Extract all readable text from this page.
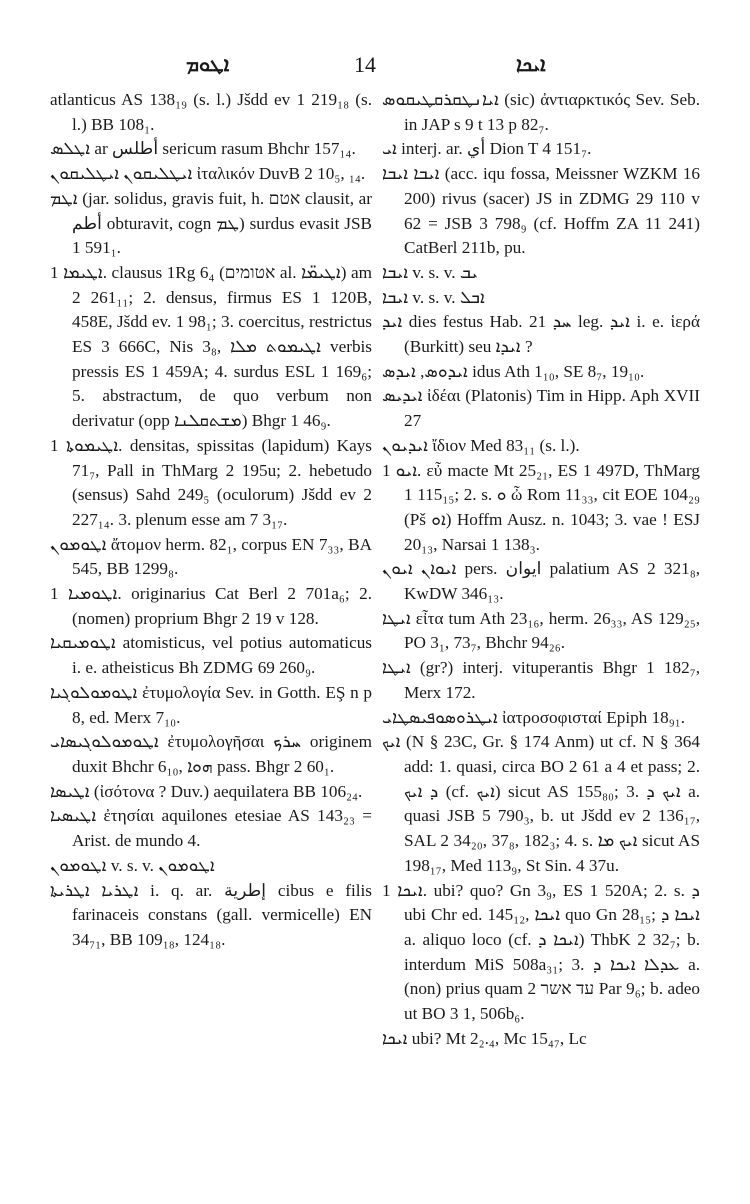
ܐܛܘܡ	14	ܐܝܟܐ
atlanticus AS 138₁₉ (s. l.) Jšdd ev 1 219₁₈ (s. l.) BB 108₁.
ܐܛܠܣ ar أطلس sericum rasum Bhchr 157₁₄.
ܐܝܛܠܝܩܘܢ ܐܝܛܠܝܩܘܢ ἰταλικόν DuvB 2 10₅, ₁₄.
ܐܛܡ (jar. solidus, gravis fuit, h. אטם clausit, ar أطم obturavit, cogn ܛܡ) surdus evasit JSB 1 591₁.
ܐܛܝܡܐ 1. clausus 1Rg 6₄ (אטומים al. ܐܛܝܡ̈ܐ) am 2 261₁₁; 2. densus, firmus ES 1 120B, 458E, Jšdd ev. 1 98₁; 3. coercitus, restrictus ES 3 666C, Nis 3₈, ܐܛܝܡܘܬ ܡܠܐ verbis pressis ES 1 459A; 4. surdus ESL 1 169₆; 5. abstractum, de quo verbum non derivatur (opp ܡܫܬܩܠܢܐ) Bhgr 1 46₉.
ܐܛܝܡܘܬܐ 1. densitas, spissitas (lapidum) Kays 71₇, Pall in ThMarg 2 195u; 2. hebetudo (sensus) Sahd 249₅ (oculorum) Jšdd ev 2 227₁₄. 3. plenum esse am 7 3₁₇.
ܐܛܘܡܘܢ ἄτομον herm. 82₁, corpus EN 7₃₃, BA 545, BB 1299₈.
ܐܛܘܡܝܐ 1. originarius Cat Berl 2 701a₆; 2. (nomen) proprium Bhgr 2 19 v 128.
ܐܛܘܡܝܩܝܐ atomisticus, vel potius automaticus i. e. atheisticus Bh ZDMG 69 260₉.
ܐܛܘܡܘܠܘܓܝܐ ἐτυμολογία Sev. in Gotth. EŞ n p 8, ed. Merx 7₁₀.
ܐܛܘܡܘܠܘܓܝܣܐܝ ἐτυμολογῆσαι ܚܪܟ originem duxit Bhchr 6₁₀, ܗܘܐ pass. Bhgr 2 60₁.
ܐܛܝܣܐ (ἰσότονα ? Duv.) aequilatera BB 106₂₄.
ܐܛܝܣܝܐ ἐτησίαι aquilones etesiae AS 143₂₃ = Arist. de mundo 4.
ܐܛܘܡܘܢ v. s. v. ܐܛܘܡܘܢ
ܐܛܪܝܐ ܐܛܪܝܬܐ i. q. ar. إطرية cibus e filis farinaceis constans (gall. vermicelle) EN 34₇₁, BB 109₁₈, 124₁₈.
ܐܝܐܢܛܩܪܩܛܝܩܘܣ (sic) ἀντιαρκτικός Sev. Seb. in JAP s 9 t 13 p 82₇.
ܐܝ interj. ar. أي Dion T 4 151₇.
ܐܝܒܐ ܐܝܒܐ (acc. iqu fossa, Meissner WZKM 16 200) rivus (sacer) JS in ZDMG 29 110 v 62 = JSB 3 798₉ (cf. Hoffm ZA 11 241) CatBerl 211b, pu.
ܐܝܒܐ v. s. v. ܝܒ
ܐܝܒܐ v. s. v. ܐܒܠ
ܐܝܕ dies festus Hab. ܚܕ 21 leg. ܐܝܕ i. e. ἱερά (Burkitt) seu ܐܝܕܐ ?
ܐܝܕܘܣ, ܐܝܕܣ idus Ath 1₁₀, SE 8₇, 19₁₀.
ܐܝܕܝܣ ἰδέαι (Platonis) Tim in Hipp. Aph XVII 27
ܐܝܕܝܘܢ ἴδιον Med 83₁₁ (s. l.).
ܐܝܘ 1. εὖ macte Mt 25₂₁, ES 1 497D, ThMarg 1 115₁₅; 2. s. ܘ ὦ Rom 11₃₃, cit EOE 104₂₉ (Pš ܐܘ) Hoffm Ausz. n. 1043; 3. vae ! ESJ 20₁₃, Narsai 1 138₃.
ܐܝܘܐܢ ܐܝܘܢ pers. ايوان palatium AS 2 321₈, KwDW 346₁₃.
ܐܝܛܐ εἶτα tum Ath 23₁₆, herm. 26₃₃, AS 129₂₅, PO 3₁, 73₇, Bhchr 94₂₆.
ܐܝܛܐ (gr?) interj. vituperantis Bhgr 1 182₇, Merx 172.
ܐܝܛܪܘܣܘܦܝܣܛܐܝ ἰατροσοφισταί Epiph 18₉₁.
ܐܝܟ (N § 23C, Gr. § 174 Anm) ut cf. N § 364 add: 1. quasi, circa BO 2 61 a 4 et pass; 2. ܕ ܐܝܟ (cf. ܐܝܟ) sicut AS 155₈₀; 3. ܐܝܟ ܕ a. quasi JSB 5 790₃, b. ut Jšdd ev 2 136₁₇, SAL 2 34₂₀, 37₈, 182₃; 4. s. ܐܝܟ ܡܐ sicut AS 198₁₇, Med 113₉, St Sin. 4 37u.
ܐܝܟܐ 1. ubi? quo? Gn 3₉, ES 1 520A; 2. s. ܕ ubi Chr ed. 145₁₂, ܐܝܟܐ quo Gn 28₁₅; ܐܝܟܐ ܕ a. aliquo loco (cf. ܐܝܟܐ ܕ) ThbK 2 32₇; b. interdum MiS 508a₃₁; 3. ܥܕܠܐ ܐܝܟܐ ܕ a. (non) prius quam עד אשר 2 Par 9₆; b. adeo ut BO 3 1, 506b₆.
ܐܝܟܐ ubi? Mt 2₂.₄, Mc 15₄₇, Lc
